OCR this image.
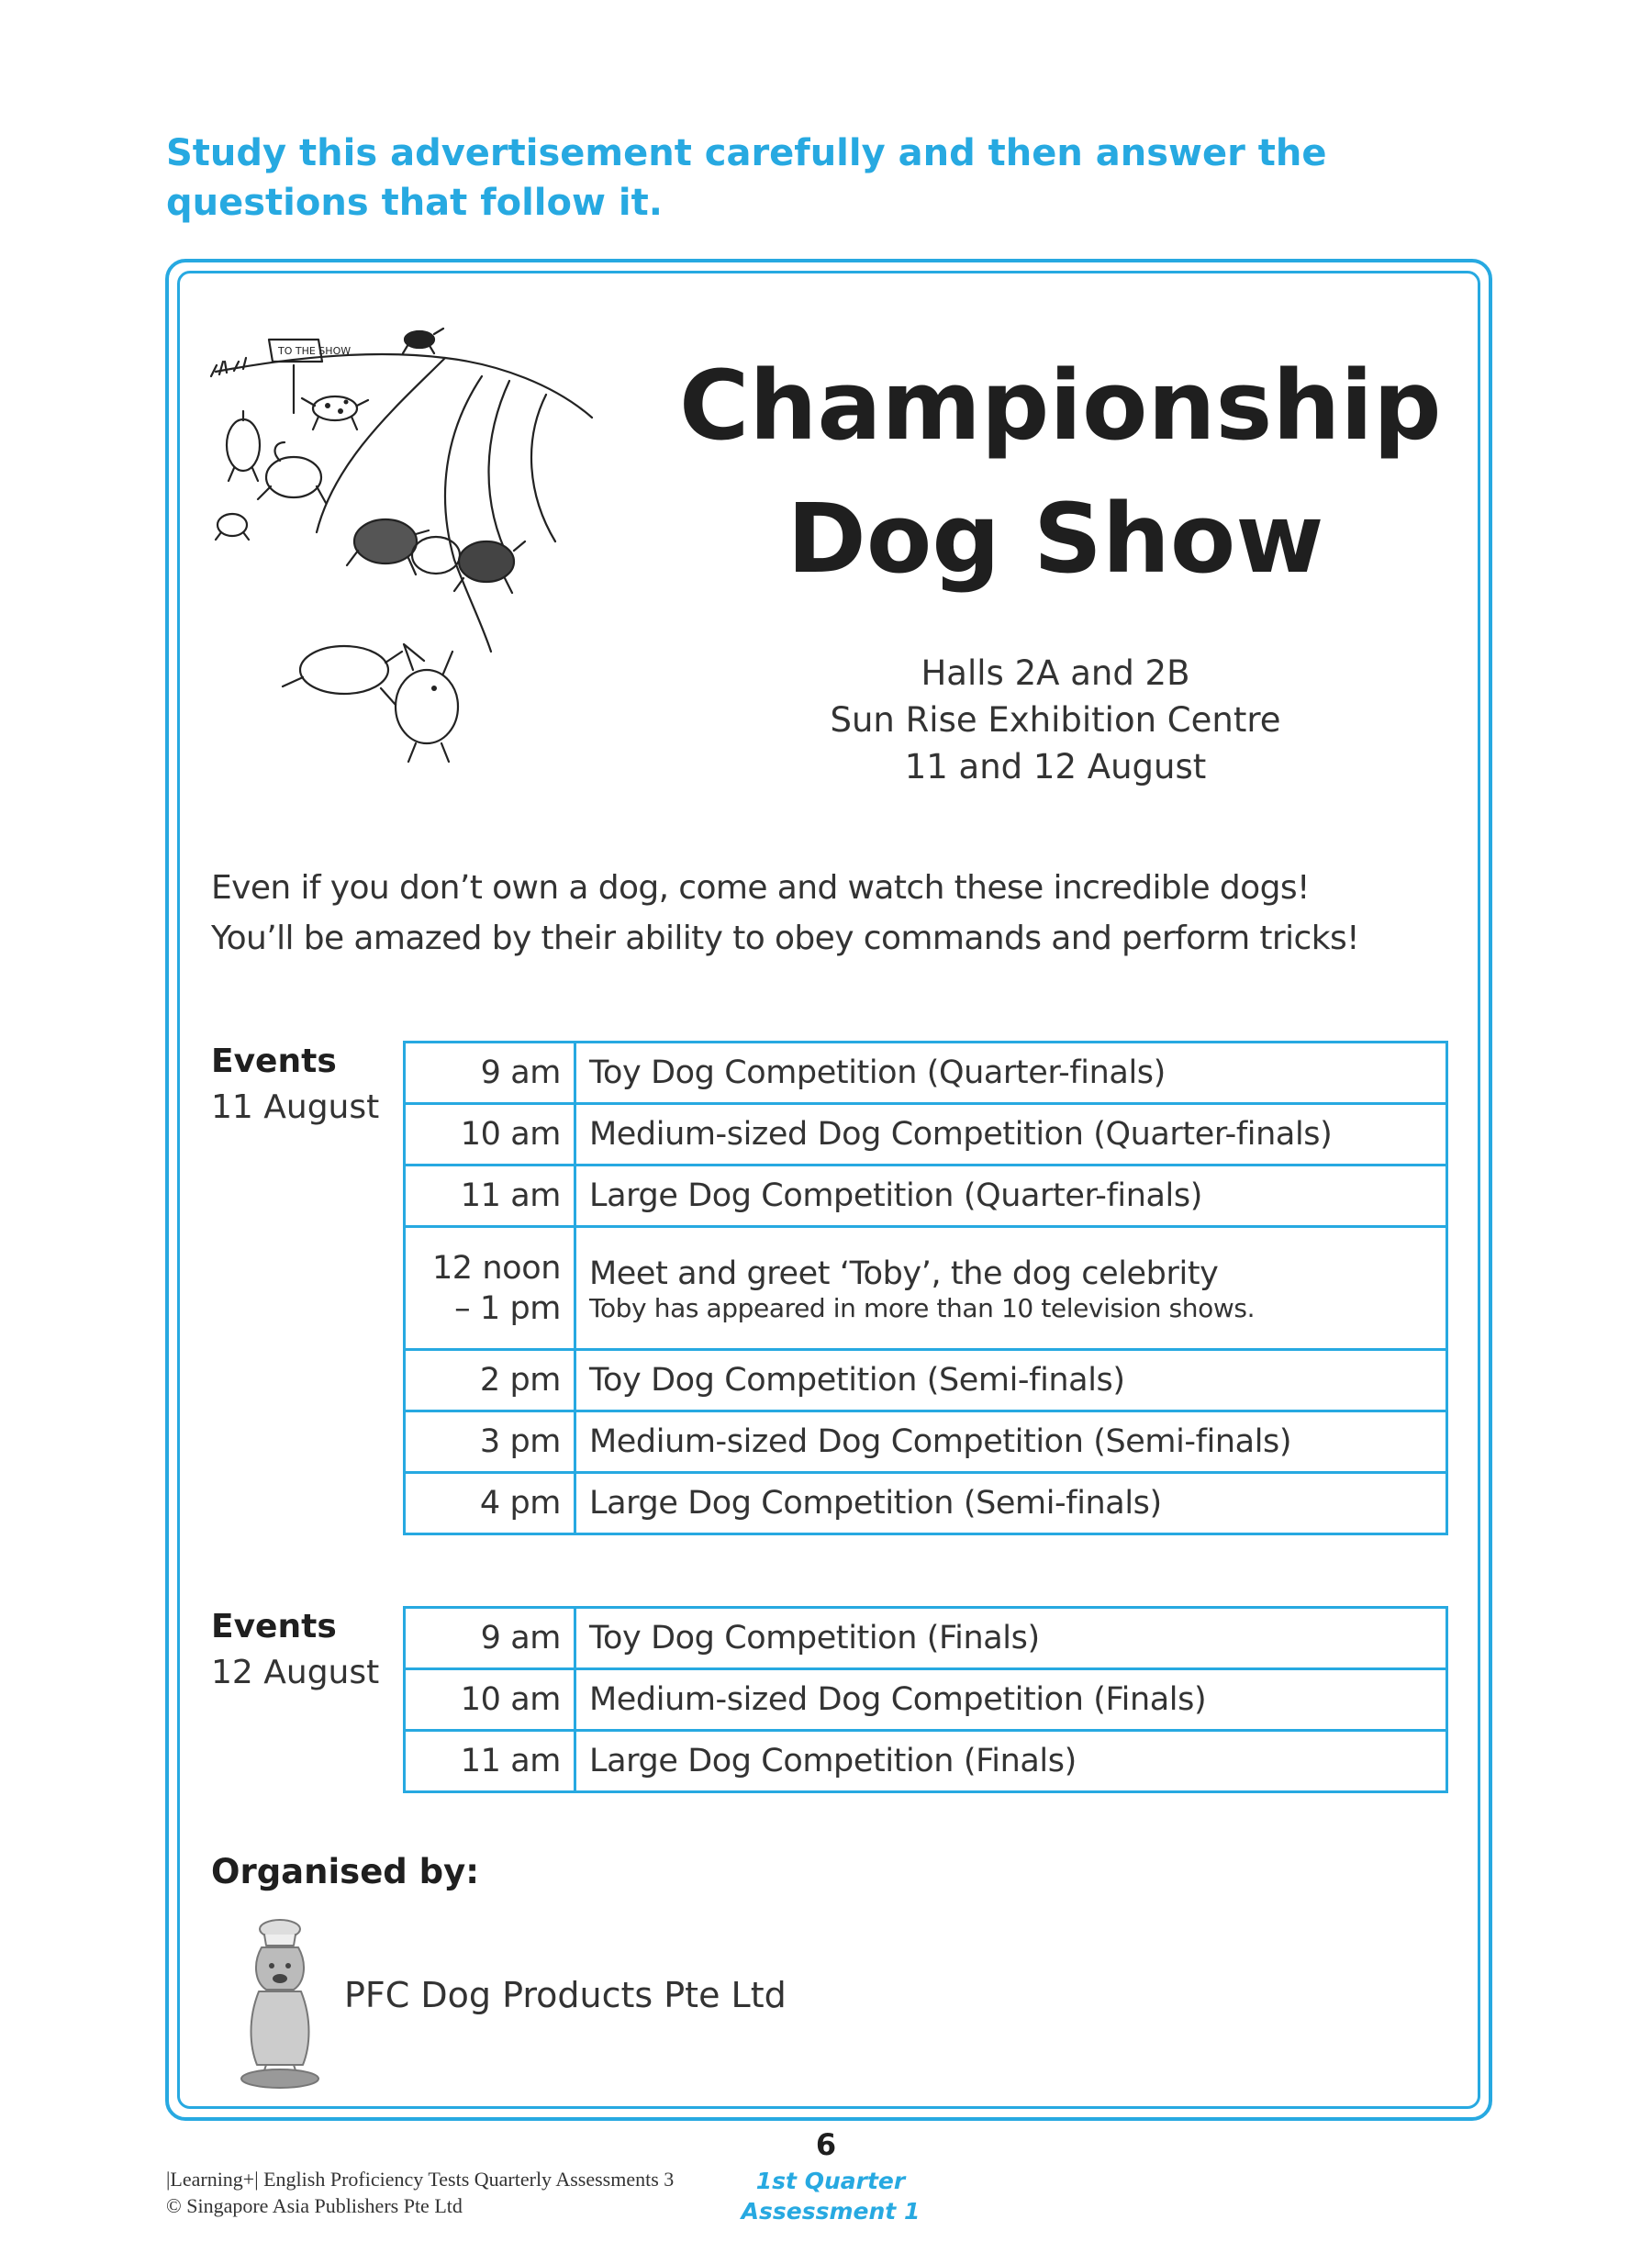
Study this advertisement carefully and then answer the questions that follow it.

TO THE SHOW	Championship
Dog Show
Halls 2A and 2B
Sun Rise Exhibition Centre
11 and 12 August
Even if you don’t own a dog, come and watch these incredible dogs!
You’ll be amazed by their ability to obey commands and perform tricks!
Events
11 August
9 am	Toy Dog Competition (Quarter-finals)

10 am	Medium-sized Dog Competition (Quarter-finals)

11 am	Large Dog Competition (Quarter-finals)

12 noon
– 1 pm	Meet and greet ‘Toby’, the dog celebrity
Toby has appeared in more than 10 television shows.

2 pm	Toy Dog Competition (Semi-finals)

3 pm	Medium-sized Dog Competition (Semi-finals)

4 pm	Large Dog Competition (Semi-finals)
Events
12 August
9 am	Toy Dog Competition (Finals)

10 am	Medium-sized Dog Competition (Finals)

11 am	Large Dog Competition (Finals)
Organised by:
PFC Dog Products Pte Ltd
6
|Learning+| English Proficiency Tests Quarterly Assessments 3
© Singapore Asia Publishers Pte Ltd
1st Quarter
Assessment 1
